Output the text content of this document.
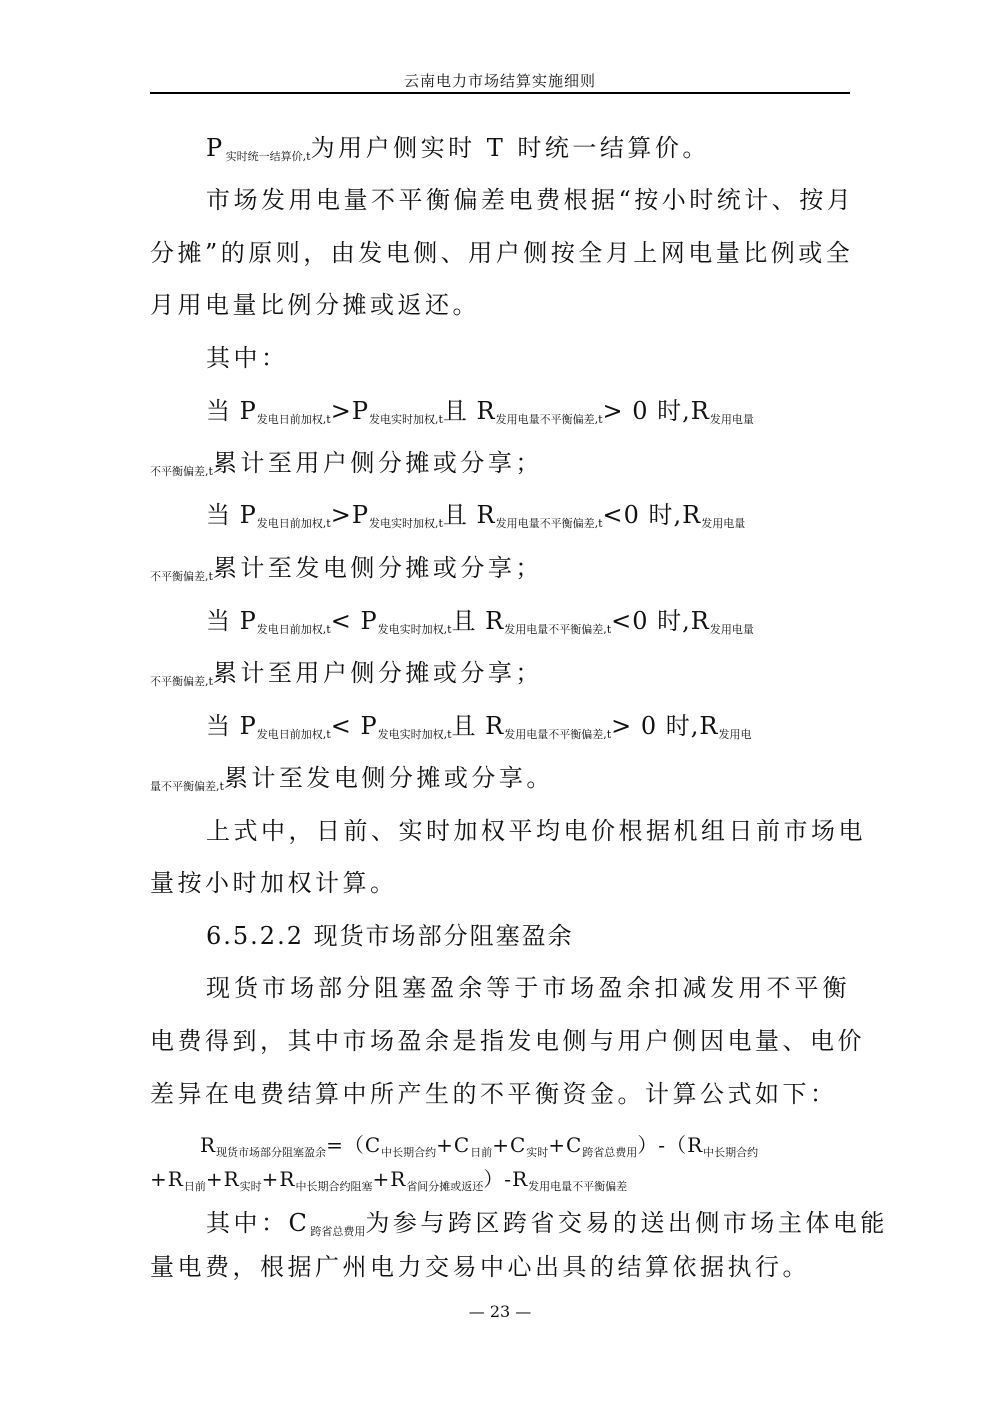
云南电力市场结算实施细则
$P_{实时统一结算价,t}$为用户侧实时 T 时统一结算价。
市场发用电量不平衡偏差电费根据“按小时统计、按月
分摊”的原则，由发电侧、用户侧按全月上网电量比例或全
月用电量比例分摊或返还。
其中：
当 $P_{发电日前加权,t}>P_{发电实时加权,t}$且 $R_{发用电量不平衡偏差,t}> 0$ 时$,R_{发用电量}$
不平衡偏差,t累计至用户侧分摊或分享；
当 $P_{发电日前加权,t}>P_{发电实时加权,t}$且 $R_{发用电量不平衡偏差,t}<0$ 时$,R_{发用电量}$
不平衡偏差,t累计至发电侧分摊或分享；
当 $P_{发电日前加权,t}< P_{发电实时加权,t}$且 $R_{发用电量不平衡偏差,t}<0$ 时$,R_{发用电量}$
不平衡偏差,t累计至用户侧分摊或分享；
当 $P_{发电日前加权,t}< P_{发电实时加权,t}$且 $R_{发用电量不平衡偏差,t}> 0$ 时$,R_{发用电}$
量不平衡偏差,t累计至发电侧分摊或分享。
上式中，日前、实时加权平均电价根据机组日前市场电
量按小时加权计算。
6.5.2.2 现货市场部分阻塞盈余
现货市场部分阻塞盈余等于市场盈余扣减发用不平衡
电费得到，其中市场盈余是指发电侧与用户侧因电量、电价
差异在电费结算中所产生的不平衡资金。计算公式如下：
$R_{现货市场部分阻塞盈余}=(C_{中长期合约}+C_{日前}+C_{实时}+C_{跨省总费用})-(R_{中长期合约}$
$+R_{日前}+R_{实时}+R_{中长期合约阻塞}+R_{省间分摊或返还})-R_{发用电量不平衡偏差}$
其中：$C_{跨省总费用}$为参与跨区跨省交易的送出侧市场主体电能
量电费，根据广州电力交易中心出具的结算依据执行。
— 23 —
